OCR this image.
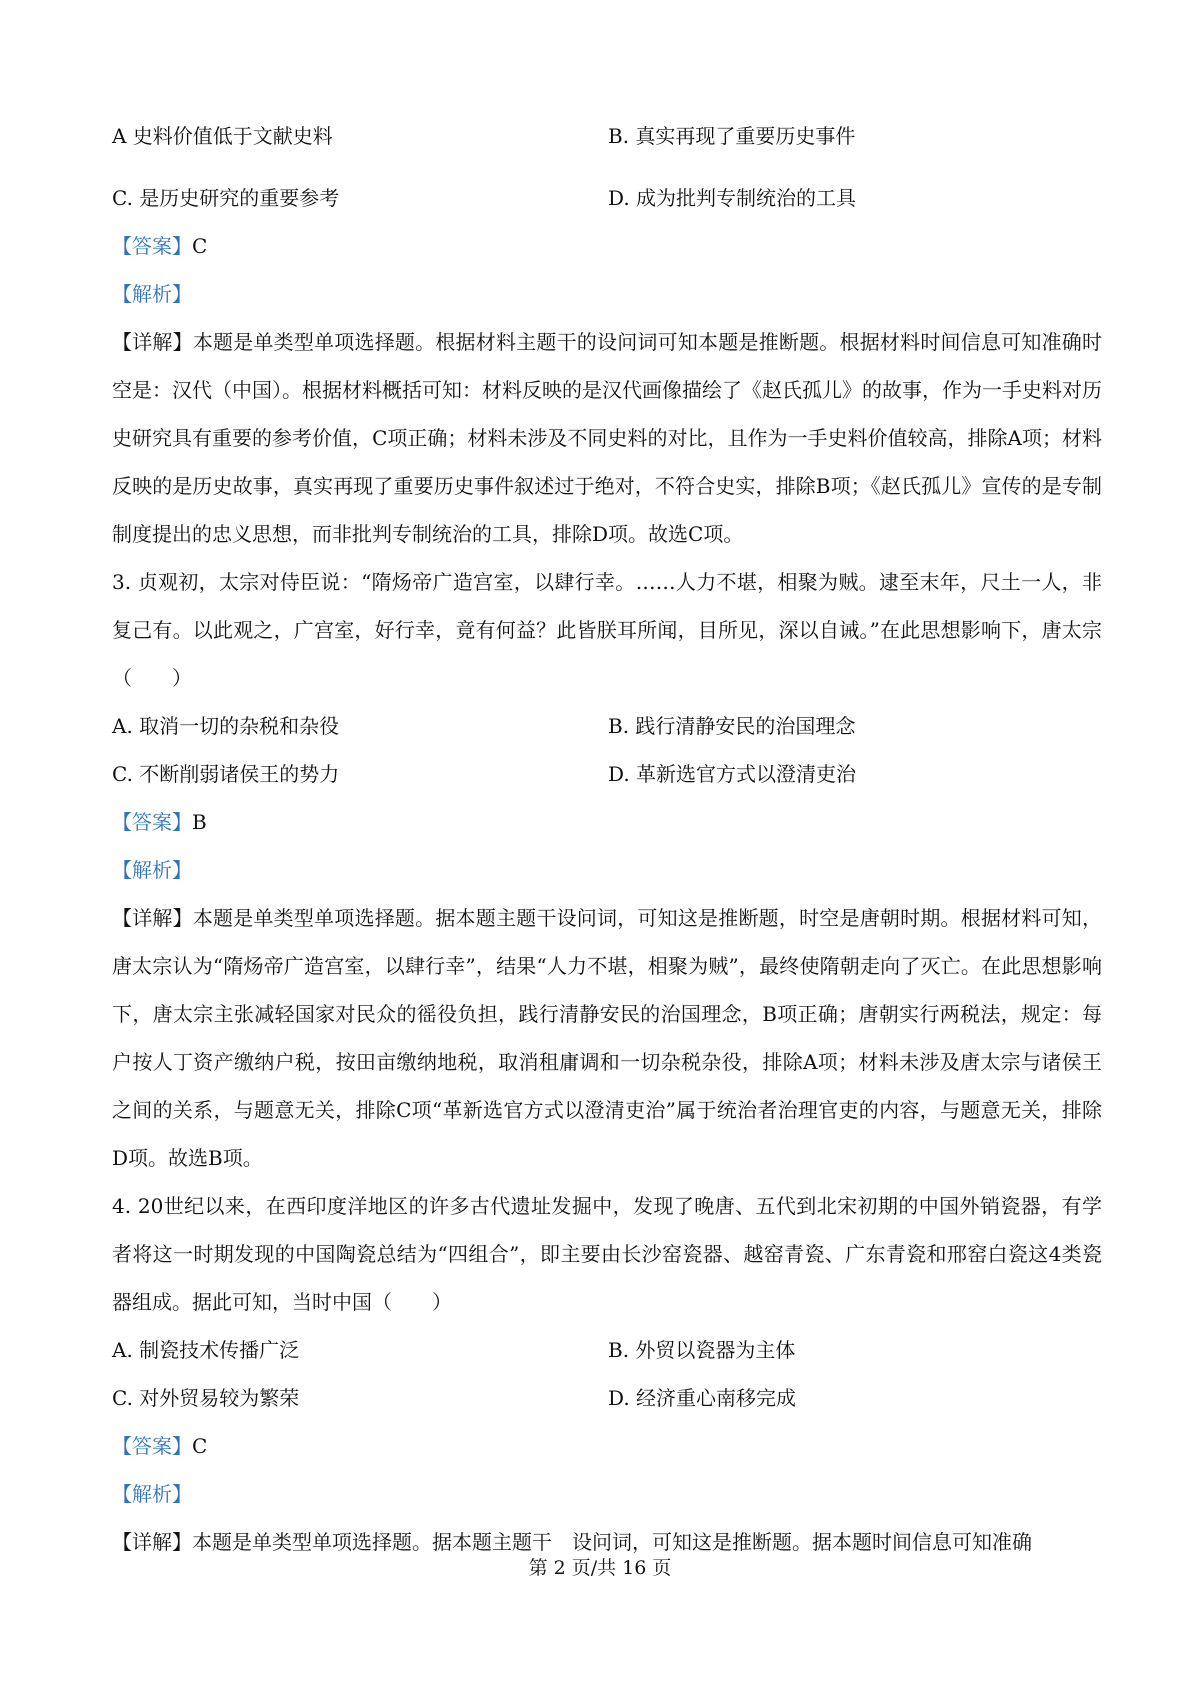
A 史料价值低于文献史料	B. 真实再现了重要历史事件
C. 是历史研究的重要参考	D. 成为批判专制统治的工具
【答案】C
【解析】

【详解】本题是单类型单项选择题。根据材料主题干的设问词可知本题是推断题。根据材料时间信息可知准确时空是：汉代（中国）。根据材料概括可知：材料反映的是汉代画像描绘了《赵氏孤儿》的故事，作为一手史料对历史研究具有重要的参考价值，C项正确；材料未涉及不同史料的对比，且作为一手史料价值较高，排除A项；材料反映的是历史故事，真实再现了重要历史事件叙述过于绝对，不符合史实，排除B项；《赵氏孤儿》宣传的是专制制度提出的忠义思想，而非批判专制统治的工具，排除D项。故选C项。

3. 贞观初，太宗对侍臣说：“隋炀帝广造宫室，以肆行幸。……人力不堪，相聚为贼。逮至末年，尺土一人，非复己有。以此观之，广宫室，好行幸，竟有何益？此皆朕耳所闻，目所见，深以自诫。”在此思想影响下，唐太宗（　　）

A. 取消一切的杂税和杂役	B. 践行清静安民的治国理念
C. 不断削弱诸侯王的势力	D. 革新选官方式以澄清吏治
【答案】B
【解析】

【详解】本题是单类型单项选择题。据本题主题干设问词，可知这是推断题，时空是唐朝时期。根据材料可知，唐太宗认为“隋炀帝广造宫室，以肆行幸”，结果“人力不堪，相聚为贼”，最终使隋朝走向了灭亡。在此思想影响下，唐太宗主张减轻国家对民众的徭役负担，践行清静安民的治国理念，B项正确；唐朝实行两税法，规定：每户按人丁资产缴纳户税，按田亩缴纳地税，取消租庸调和一切杂税杂役，排除A项；材料未涉及唐太宗与诸侯王之间的关系，与题意无关，排除C项“革新选官方式以澄清吏治”属于统治者治理官吏的内容，与题意无关，排除D项。故选B项。

4. 20世纪以来，在西印度洋地区的许多古代遗址发掘中，发现了晚唐、五代到北宋初期的中国外销瓷器，有学者将这一时期发现的中国陶瓷总结为“四组合”，即主要由长沙窑瓷器、越窑青瓷、广东青瓷和邢窑白瓷这4类瓷器组成。据此可知，当时中国（　　）

A. 制瓷技术传播广泛	B. 外贸以瓷器为主体
C. 对外贸易较为繁荣	D. 经济重心南移完成
【答案】C
【解析】
【详解】本题是单类型单项选择题。据本题主题干　设问词，可知这是推断题。据本题时间信息可知准确
第 2 页/共 16 页
